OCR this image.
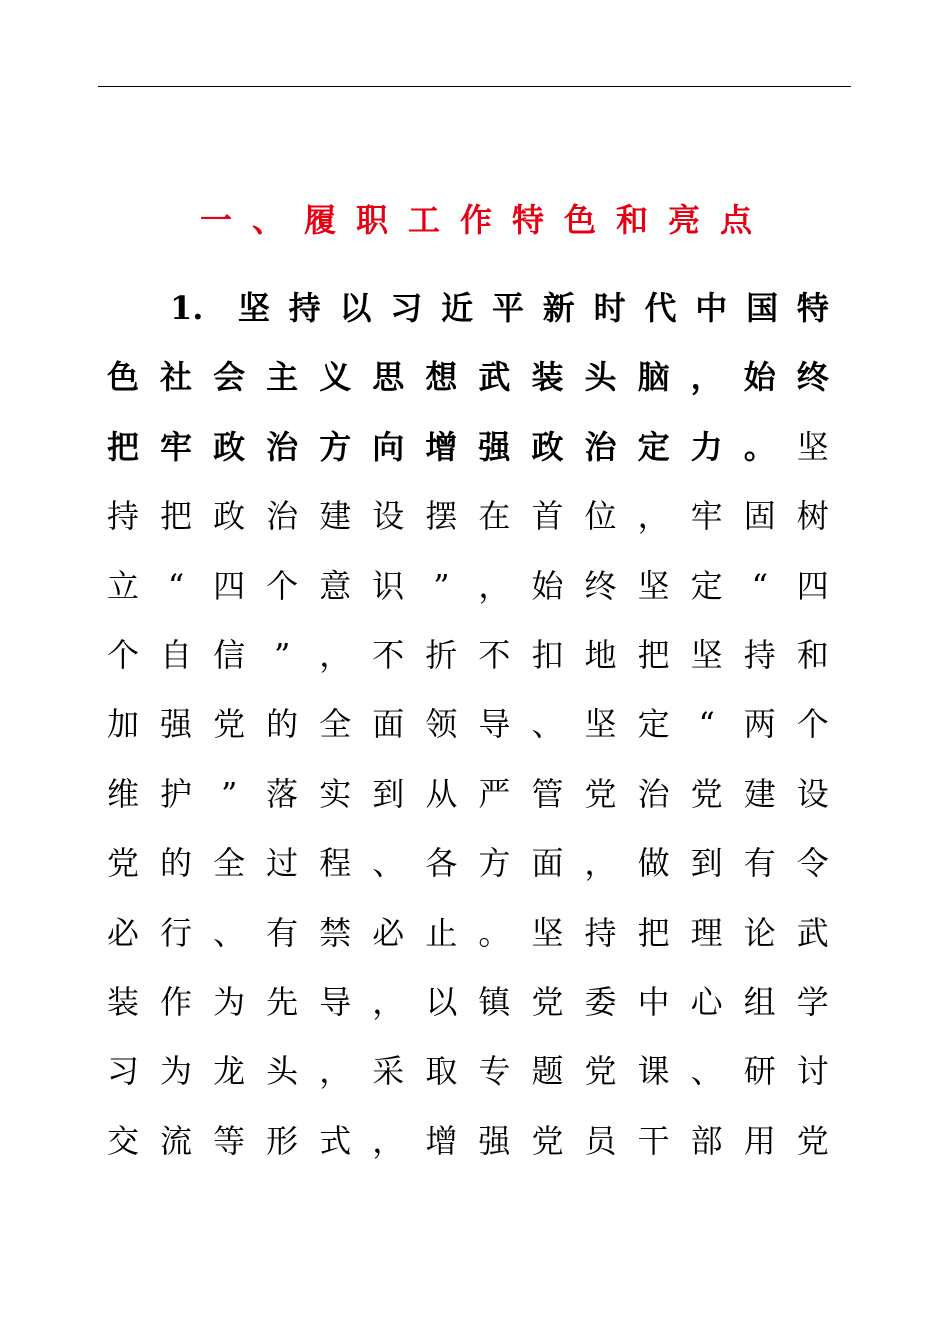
一 、 履 职 工 作 特 色 和 亮 点
1.	坚 持 以 习 近 平 新 时 代 中 国 特
色 社 会 主 义 思 想 武 装 头 脑 ， 始 终
把 牢 政 治 方 向 增 强 政 治 定 力 。 坚
持 把 政 治 建 设 摆 在 首 位 ， 牢 固 树
立 “ 四 个 意 识 ” ， 始 终 坚 定 “ 四
个 自 信 ” ， 不 折 不 扣 地 把 坚 持 和
加 强 党 的 全 面 领 导 、 坚 定 “ 两 个
维 护 ” 落 实 到 从 严 管 党 治 党 建 设
党 的 全 过 程 、 各 方 面 ， 做 到 有 令
必 行 、 有 禁 必 止 。 坚 持 把 理 论 武
装 作 为 先 导 ， 以 镇 党 委 中 心 组 学
习 为 龙 头 ， 采 取 专 题 党 课 、 研 讨
交 流 等 形 式 ， 增 强 党 员 干 部 用 党
